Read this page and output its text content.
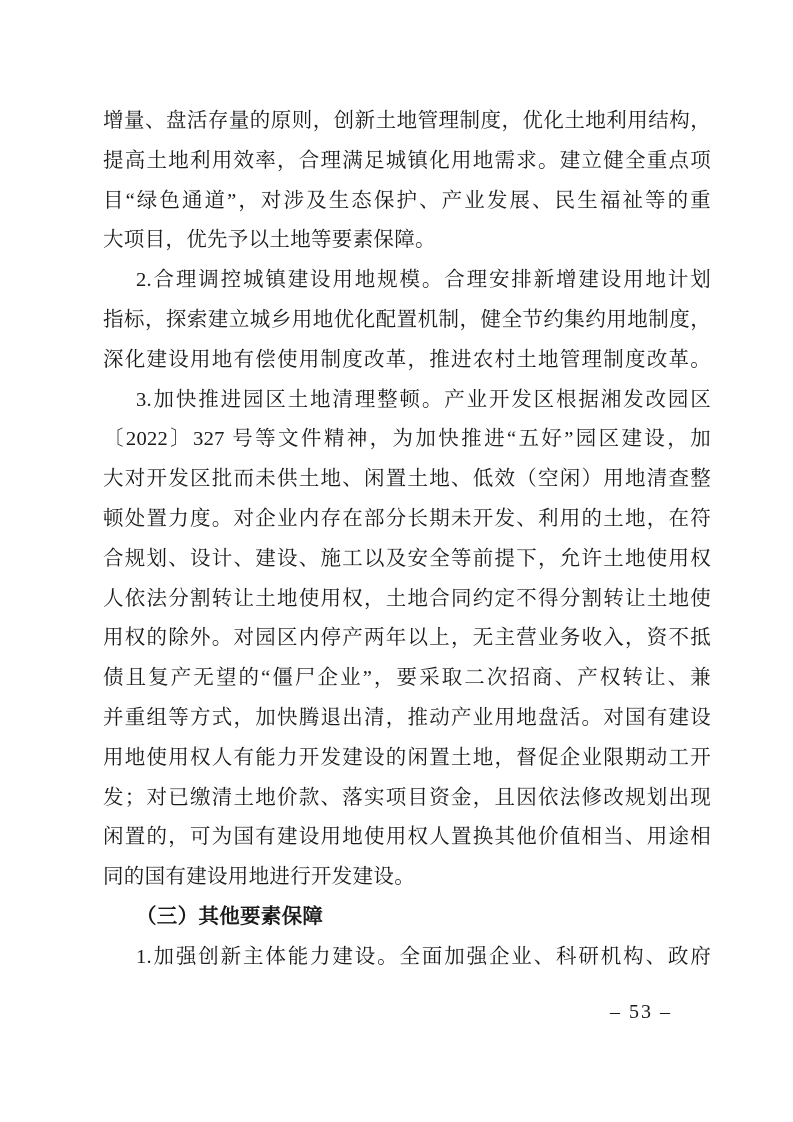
增量、盘活存量的原则，创新土地管理制度，优化土地利用结构，
提高土地利用效率，合理满足城镇化用地需求。建立健全重点项
目“绿色通道”，对涉及生态保护、产业发展、民生福祉等的重
大项目，优先予以土地等要素保障。
2.合理调控城镇建设用地规模。合理安排新增建设用地计划
指标，探索建立城乡用地优化配置机制，健全节约集约用地制度，
深化建设用地有偿使用制度改革，推进农村土地管理制度改革。
3.加快推进园区土地清理整顿。产业开发区根据湘发改园区
〔2022〕327 号等文件精神，为加快推进“五好”园区建设，加
大对开发区批而未供土地、闲置土地、低效（空闲）用地清查整
顿处置力度。对企业内存在部分长期未开发、利用的土地，在符
合规划、设计、建设、施工以及安全等前提下，允许土地使用权
人依法分割转让土地使用权，土地合同约定不得分割转让土地使
用权的除外。对园区内停产两年以上，无主营业务收入，资不抵
债且复产无望的“僵尸企业”，要采取二次招商、产权转让、兼
并重组等方式，加快腾退出清，推动产业用地盘活。对国有建设
用地使用权人有能力开发建设的闲置土地，督促企业限期动工开
发；对已缴清土地价款、落实项目资金，且因依法修改规划出现
闲置的，可为国有建设用地使用权人置换其他价值相当、用途相
同的国有建设用地进行开发建设。
（三）其他要素保障
1.加强创新主体能力建设。全面加强企业、科研机构、政府
– 53 –
